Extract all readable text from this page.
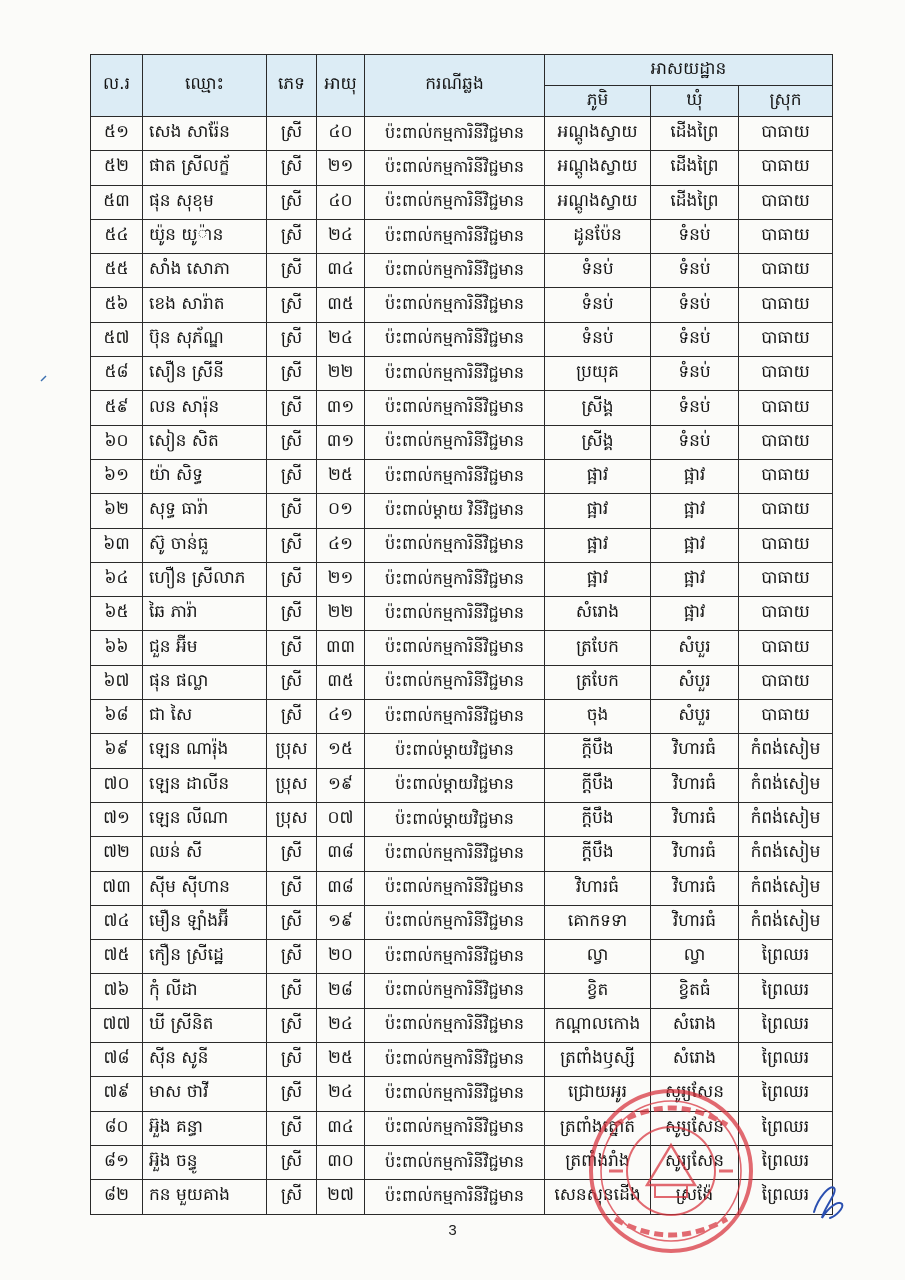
ល.រ	ឈ្មោះ	ភេទ	អាយុ	ករណីឆ្លង	អាសយដ្ឋាន		
					ភូមិ	ឃុំ	ស្រុក
៥១	សេង សារ៉ែន	ស្រី	៤០	ប៉ះពាល់កម្មការិនីវិជ្ជមាន	អណ្តូងស្វាយ	ដើងព្រៃ	បាធាយ
៥២	ផាត ស្រីលក្ខ័	ស្រី	២១	ប៉ះពាល់កម្មការិនីវិជ្ជមាន	អណ្តូងស្វាយ	ដើងព្រៃ	បាធាយ
៥៣	ផុន សុខុម	ស្រី	៤០	ប៉ះពាល់កម្មការិនីវិជ្ជមាន	អណ្តូងស្វាយ	ដើងព្រៃ	បាធាយ
៥៤	យ៉ូន យូ៉ាន	ស្រី	២៤	ប៉ះពាល់កម្មការិនីវិជ្ជមាន	ដូនប៉ែន	ទំនប់	បាធាយ
៥៥	សាំង សោភា	ស្រី	៣៤	ប៉ះពាល់កម្មការិនីវិជ្ជមាន	ទំនប់	ទំនប់	បាធាយ
៥៦	ខេង សារ៉ាត	ស្រី	៣៥	ប៉ះពាល់កម្មការិនីវិជ្ជមាន	ទំនប់	ទំនប់	បាធាយ
៥៧	ប៊ុន សុភ័ណ្ឌ	ស្រី	២៤	ប៉ះពាល់កម្មការិនីវិជ្ជមាន	ទំនប់	ទំនប់	បាធាយ
៥៨	សឿន ស្រីនី	ស្រី	២២	ប៉ះពាល់កម្មការិនីវិជ្ជមាន	ប្រយុគ	ទំនប់	បាធាយ
៥៩	លន សារ៉ុន	ស្រី	៣១	ប៉ះពាល់កម្មការិនីវិជ្ជមាន	ស្រីង្គ	ទំនប់	បាធាយ
៦០	សៀន សិត	ស្រី	៣១	ប៉ះពាល់កម្មការិនីវិជ្ជមាន	ស្រីង្គ	ទំនប់	បាធាយ
៦១	យ៉ា សិទ្ធ	ស្រី	២៥	ប៉ះពាល់កម្មការិនីវិជ្ជមាន	ផ្អាវ	ផ្អាវ	បាធាយ
៦២	សុទ្ធ ធារ៉ា	ស្រី	០១	ប៉ះពាល់ម្តាយ វិនីវិជ្ជមាន	ផ្អាវ	ផ្អាវ	បាធាយ
៦៣	ស៊ូ ចាន់ធួ	ស្រី	៤១	ប៉ះពាល់កម្មការិនីវិជ្ជមាន	ផ្អាវ	ផ្អាវ	បាធាយ
៦៤	ហឿន ស្រីលាភ	ស្រី	២១	ប៉ះពាល់កម្មការិនីវិជ្ជមាន	ផ្អាវ	ផ្អាវ	បាធាយ
៦៥	ឆៃ ភារ៉ា	ស្រី	២២	ប៉ះពាល់កម្មការិនីវិជ្ជមាន	សំរោង	ផ្អាវ	បាធាយ
៦៦	ជួន អ៊ីម	ស្រី	៣៣	ប៉ះពាល់កម្មការិនីវិជ្ជមាន	ត្របែក	សំបួរ	បាធាយ
៦៧	ផុន ផល្លា	ស្រី	៣៥	ប៉ះពាល់កម្មការិនីវិជ្ជមាន	ត្របែក	សំបួរ	បាធាយ
៦៨	ជា សៃ	ស្រី	៤១	ប៉ះពាល់កម្មការិនីវិជ្ជមាន	ចុង	សំបួរ	បាធាយ
៦៩	ឡេន ណារ៉ុង	ប្រុស	១៥	ប៉ះពាល់ម្តាយវិជ្ជមាន	ក្តីបឹង	វិហារធំ	កំពង់សៀម
៧០	ឡេន ដាលីន	ប្រុស	១៩	ប៉ះពាល់ម្តាយវិជ្ជមាន	ក្តីបឹង	វិហារធំ	កំពង់សៀម
៧១	ឡេន លីណា	ប្រុស	០៧	ប៉ះពាល់ម្តាយវិជ្ជមាន	ក្តីបឹង	វិហារធំ	កំពង់សៀម
៧២	ឈន់ សី	ស្រី	៣៨	ប៉ះពាល់កម្មការិនីវិជ្ជមាន	ក្តីបឹង	វិហារធំ	កំពង់សៀម
៧៣	ស៊ីម ស៊ីហាន	ស្រី	៣៨	ប៉ះពាល់កម្មការិនីវិជ្ជមាន	វិហារធំ	វិហារធំ	កំពង់សៀម
៧៤	មឿន ឡាំងអ៊ី	ស្រី	១៩	ប៉ះពាល់កម្មការិនីវិជ្ជមាន	គោកទទា	វិហារធំ	កំពង់សៀម
៧៥	កឿន ស្រីដ្ឋេ	ស្រី	២០	ប៉ះពាល់កម្មការិនីវិជ្ជមាន	ល្វា	ល្វា	ព្រៃឈរ
៧៦	កុំ លីដា	ស្រី	២៨	ប៉ះពាល់កម្មការិនីវិជ្ជមាន	ខ្វិត	ខ្វិតធំ	ព្រៃឈរ
៧៧	ឃី ស្រីនិត	ស្រី	២៤	ប៉ះពាល់កម្មការិនីវិជ្ជមាន	កណ្តាលកោង	សំរោង	ព្រៃឈរ
៧៨	ស៊ីន សូនី	ស្រី	២៥	ប៉ះពាល់កម្មការិនីវិជ្ជមាន	ត្រពាំងឫស្សី	សំរោង	ព្រៃឈរ
៧៩	មាស ថាវី	ស្រី	២៤	ប៉ះពាល់កម្មការិនីវិជ្ជមាន	ជ្រោយអូរ	សូរ្យសែន	ព្រៃឈរ
៨០	អ៊ួង គន្ធា	ស្រី	៣៤	ប៉ះពាល់កម្មការិនីវិជ្ជមាន	ត្រពាំងត្នោត	សូរ្យសែន	ព្រៃឈរ
៨១	អ៊ួង ចន្ធូ	ស្រី	៣០	ប៉ះពាល់កម្មការិនីវិជ្ជមាន	ត្រពាំងរាំង	សូរ្យសែន	ព្រៃឈរ
៨២	កន មួយគាង	ស្រី	២៧	ប៉ះពាល់កម្មការិនីវិជ្ជមាន	សេនសុនដើង	ស្រង៉ែ	ព្រៃឈរ
3
